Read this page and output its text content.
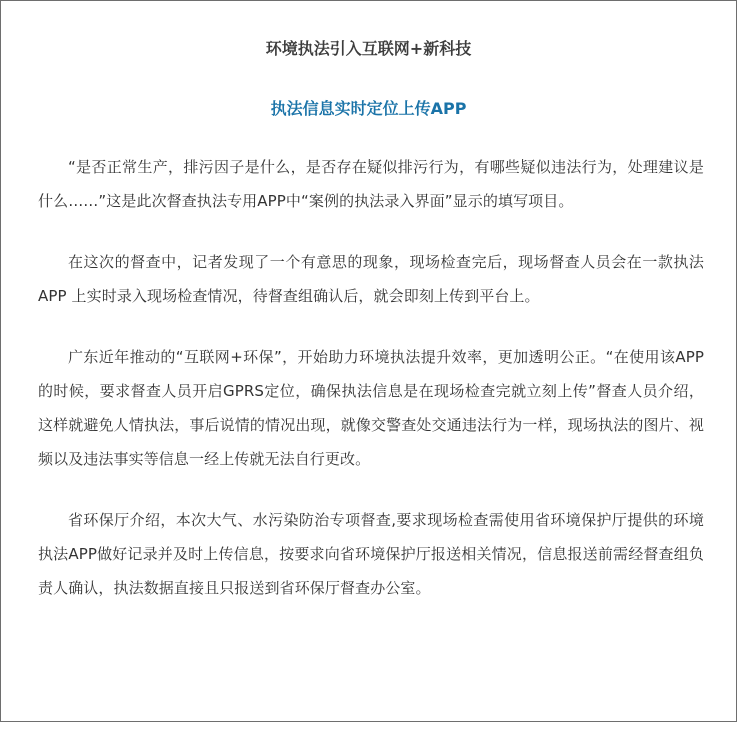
环境执法引入互联网+新科技
执法信息实时定位上传APP

“是否正常生产，排污因子是什么，是否存在疑似排污行为，有哪些疑似违法行为，处理建议是什么……”这是此次督查执法专用APP中“案例的执法录入界面”显示的填写项目。

在这次的督查中，记者发现了一个有意思的现象，现场检查完后，现场督查人员会在一款执法APP 上实时录入现场检查情况，待督查组确认后，就会即刻上传到平台上。

广东近年推动的“互联网+环保”，开始助力环境执法提升效率，更加透明公正。“在使用该APP的时候，要求督查人员开启GPRS定位，确保执法信息是在现场检查完就立刻上传”督查人员介绍，这样就避免人情执法，事后说情的情况出现，就像交警查处交通违法行为一样，现场执法的图片、视频以及违法事实等信息一经上传就无法自行更改。

省环保厅介绍，本次大气、水污染防治专项督查,要求现场检查需使用省环境保护厅提供的环境执法APP做好记录并及时上传信息，按要求向省环境保护厅报送相关情况，信息报送前需经督查组负责人确认，执法数据直接且只报送到省环保厅督查办公室。
